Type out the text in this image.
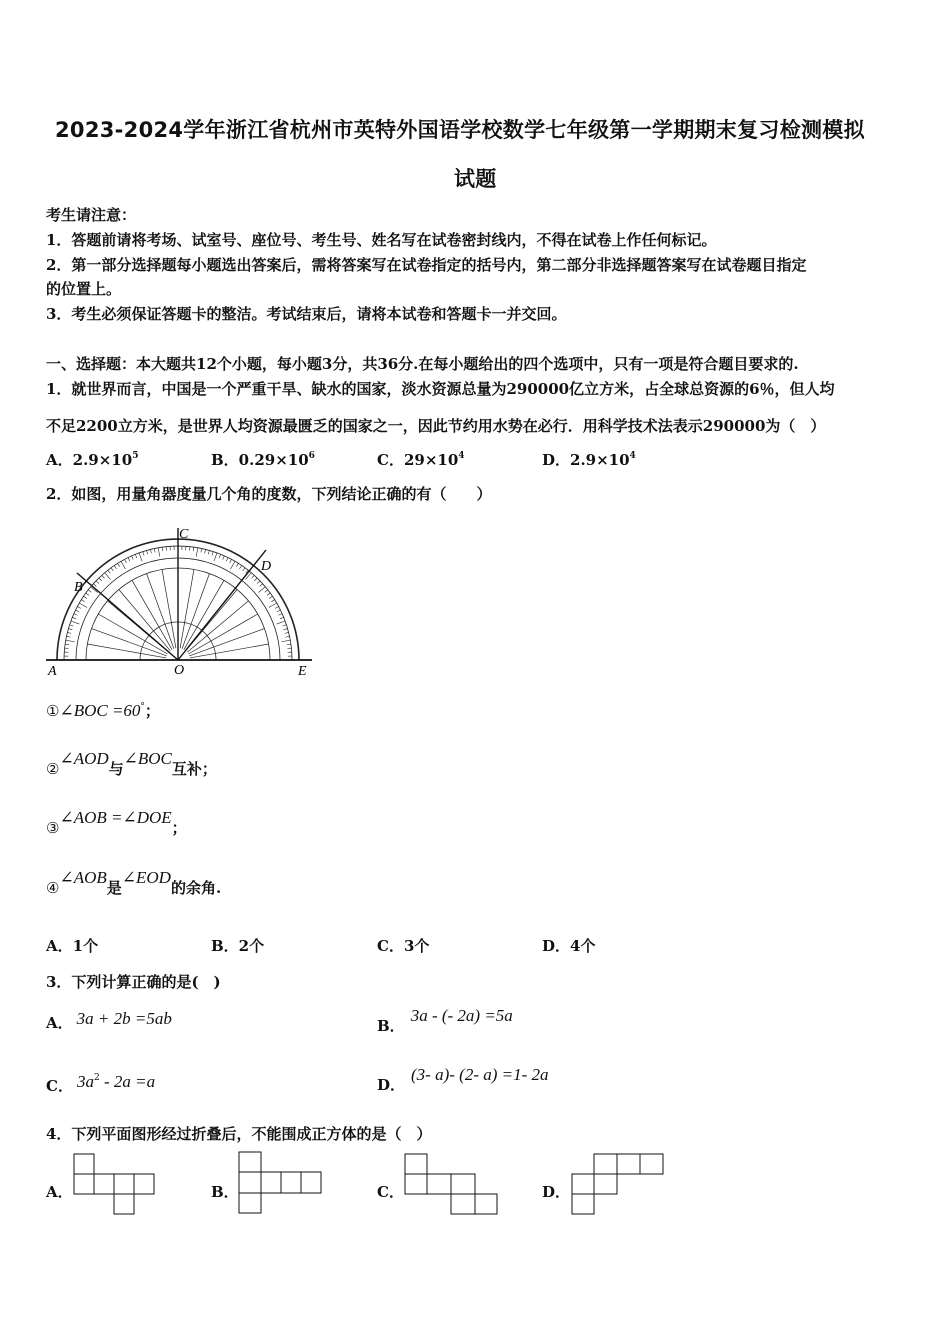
2023-2024学年浙江省杭州市英特外国语学校数学七年级第一学期期末复习检测模拟
试题
考生请注意：
1．答题前请将考场、试室号、座位号、考生号、姓名写在试卷密封线内，不得在试卷上作任何标记。
2．第一部分选择题每小题选出答案后，需将答案写在试卷指定的括号内，第二部分非选择题答案写在试卷题目指定
的位置上。
3．考生必须保证答题卡的整洁。考试结束后，请将本试卷和答题卡一并交回。
一、选择题：本大题共12个小题，每小题3分，共36分.在每小题给出的四个选项中，只有一项是符合题目要求的.
1．就世界而言，中国是一个严重干旱、缺水的国家，淡水资源总量为290000亿立方米，占全球总资源的6％，但人均
不足2200立方米，是世界人均资源最匮乏的国家之一，因此节约用水势在必行．用科学技术法表示290000为（　）
A．$2.9\times 10^5$	B．$0.29\times 10^6$	C．$29\times 10^4$	D．$2.9\times 10^4$
2．如图，用量角器度量几个角的度数，下列结论正确的有（　　）
A	O	E
B
C
D
①∠BOC =60°；
②∠AOD与∠BOC互补；
③∠AOB =∠DOE；
④∠AOB是∠EOD的余角.
A．1个	B．2个	C．3个	D．4个
3．下列计算正确的是(　)
A． 3a + 2b =5ab	B．3a - (- 2a) =5a
C． $3a^2 - 2a =a$	D．(3- a)- (2- a) =1- 2a
4．下列平面图形经过折叠后，不能围成正方体的是（　）
A．	B．	C．	D．
